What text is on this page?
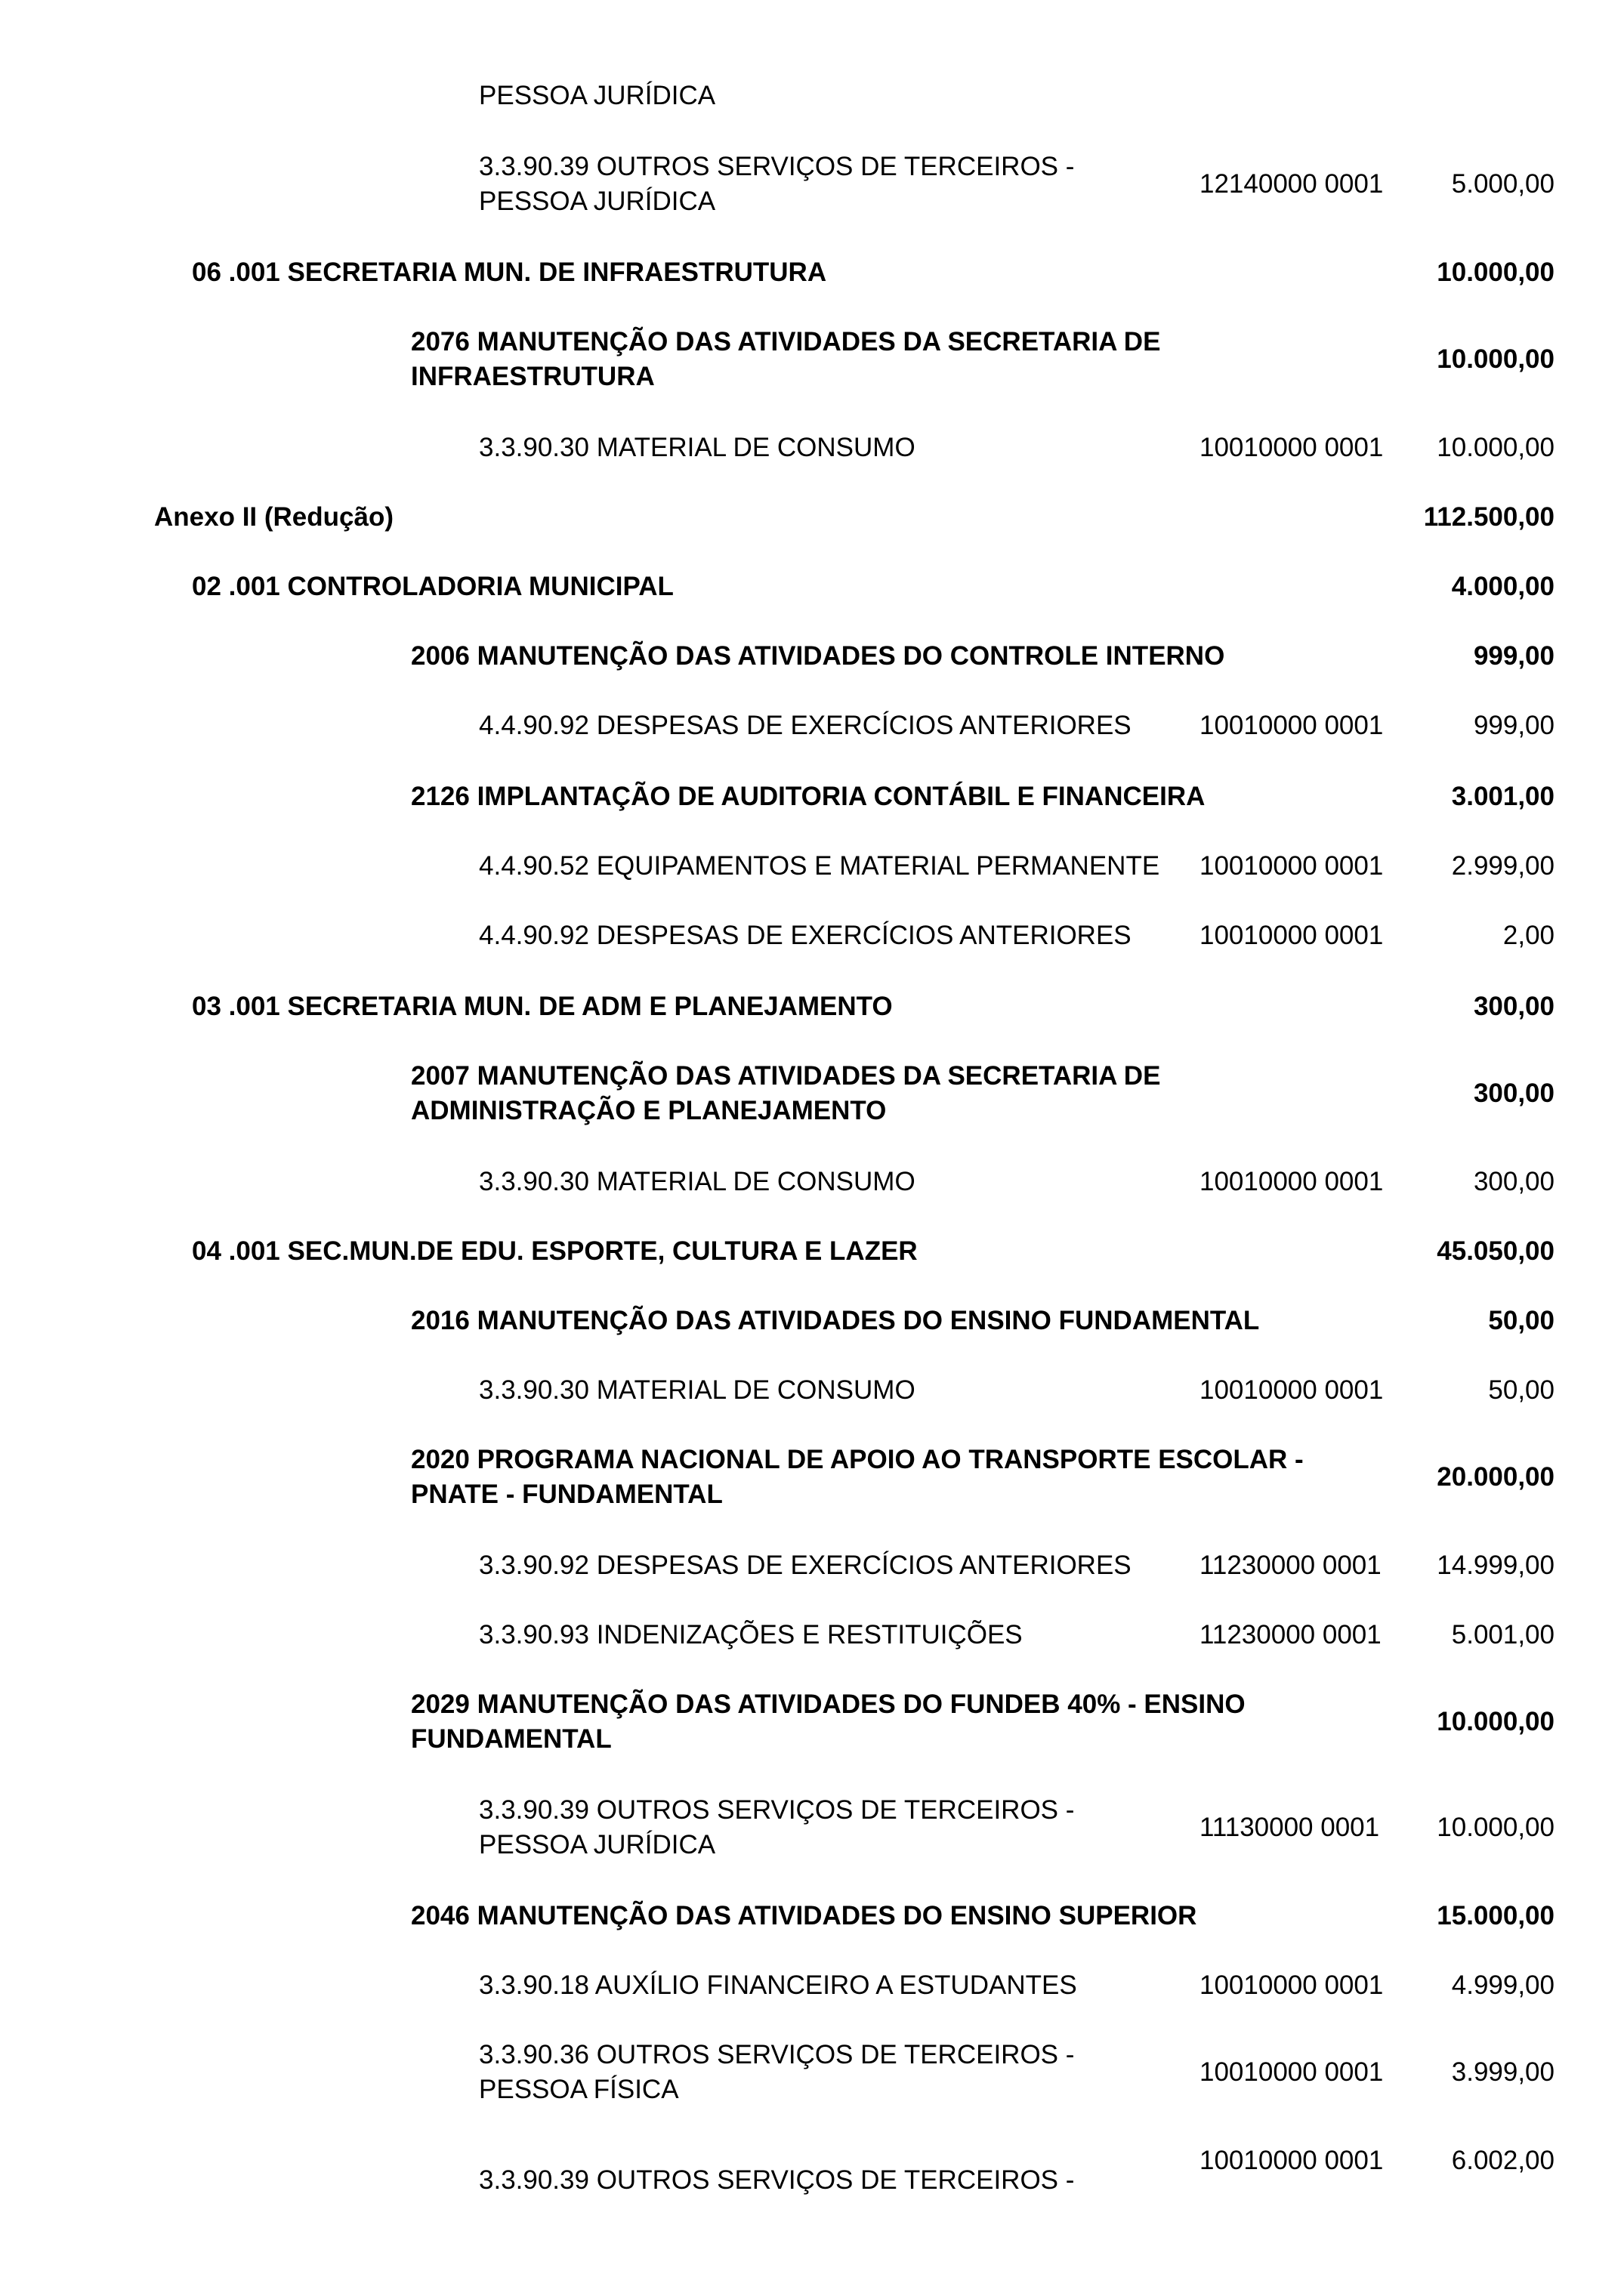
PESSOA JURÍDICA
3.3.90.39 OUTROS SERVIÇOS DE TERCEIROS -
PESSOA JURÍDICA
12140000 0001	5.000,00
06 .001 SECRETARIA MUN. DE INFRAESTRUTURA	10.000,00
2076 MANUTENÇÃO DAS ATIVIDADES DA SECRETARIA DE
INFRAESTRUTURA
10.000,00
3.3.90.30 MATERIAL DE CONSUMO	10010000 0001 10.000,00
Anexo II (Redução)	112.500,00
02 .001 CONTROLADORIA MUNICIPAL	4.000,00
2006 MANUTENÇÃO DAS ATIVIDADES DO CONTROLE INTERNO	999,00
4.4.90.92 DESPESAS DE EXERCÍCIOS ANTERIORES	10010000 0001	999,00
2126 IMPLANTAÇÃO DE AUDITORIA CONTÁBIL E FINANCEIRA	3.001,00
4.4.90.52 EQUIPAMENTOS E MATERIAL PERMANENTE 10010000 0001	2.999,00
4.4.90.92 DESPESAS DE EXERCÍCIOS ANTERIORES	10010000 0001	2,00
03 .001 SECRETARIA MUN. DE ADM E PLANEJAMENTO	300,00
2007 MANUTENÇÃO DAS ATIVIDADES DA SECRETARIA DE
ADMINISTRAÇÃO E PLANEJAMENTO
300,00
3.3.90.30 MATERIAL DE CONSUMO	10010000 0001	300,00
04 .001 SEC.MUN.DE EDU. ESPORTE, CULTURA E LAZER	45.050,00
2016 MANUTENÇÃO DAS ATIVIDADES DO ENSINO FUNDAMENTAL	50,00
3.3.90.30 MATERIAL DE CONSUMO	10010000 0001	50,00
2020 PROGRAMA NACIONAL DE APOIO AO TRANSPORTE ESCOLAR -
PNATE - FUNDAMENTAL
20.000,00
3.3.90.92 DESPESAS DE EXERCÍCIOS ANTERIORES	11230000 0001 14.999,00
3.3.90.93 INDENIZAÇÕES E RESTITUIÇÕES	11230000 0001	5.001,00
2029 MANUTENÇÃO DAS ATIVIDADES DO FUNDEB 40% - ENSINO
FUNDAMENTAL
10.000,00
3.3.90.39 OUTROS SERVIÇOS DE TERCEIROS -
PESSOA JURÍDICA
11130000 0001 10.000,00
2046 MANUTENÇÃO DAS ATIVIDADES DO ENSINO SUPERIOR	15.000,00
3.3.90.18 AUXÍLIO FINANCEIRO A ESTUDANTES	10010000 0001	4.999,00
3.3.90.36 OUTROS SERVIÇOS DE TERCEIROS -
PESSOA FÍSICA
10010000 0001	3.999,00
3.3.90.39 OUTROS SERVIÇOS DE TERCEIROS -
10010000 0001	6.002,00
